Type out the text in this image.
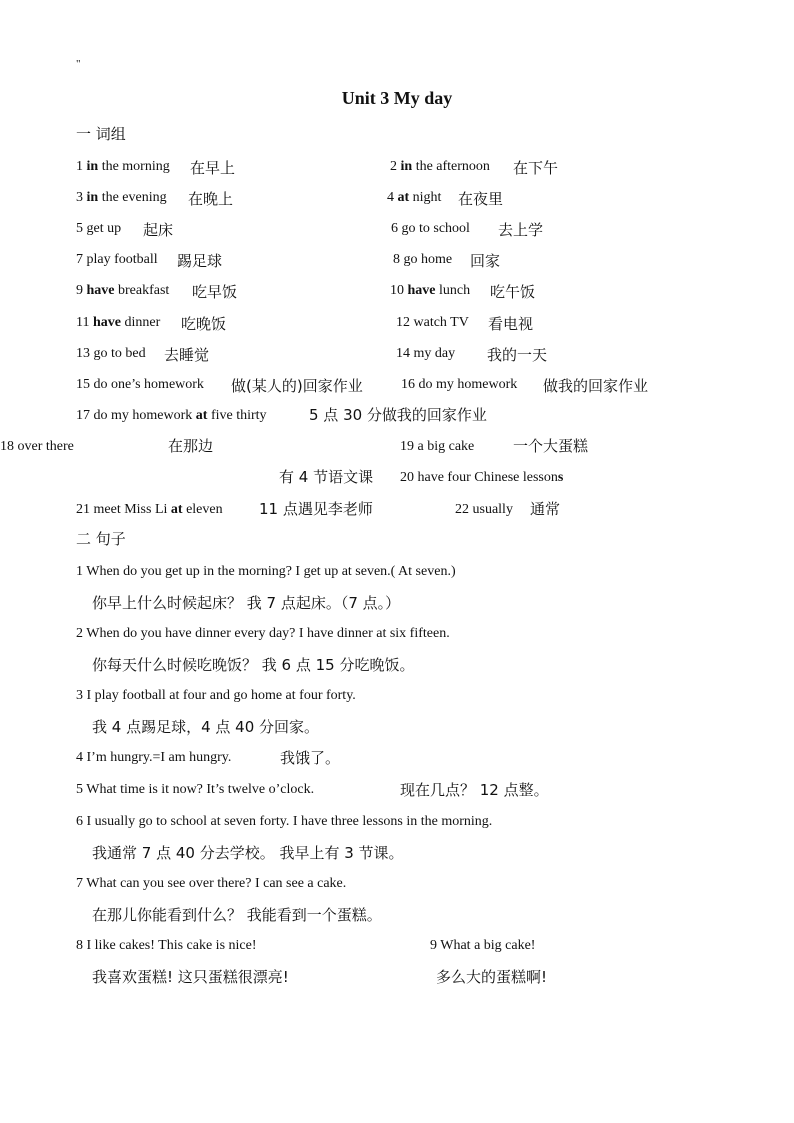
"
Unit 3 My day
一 词组
1 in the morning 在早上	2 in the afternoon 在下午
3 in the evening 在晚上	4 at night 在夜里
5 get up 起床	6 go to school 去上学
7 play football 踢足球	8 go home 回家
9 have breakfast 吃早饭	10 have lunch 吃午饭
11 have dinner 吃晚饭	12 watch TV 看电视
13 go to bed 去睡觉	14 my day 我的一天
15 do one’s homework 做(某人的)回家作业	16 do my homework 做我的回家作业
17 do my homework at five thirty	5 点 30 分做我的回家作业
18 over there	在那边	19 a big cake	一个大蛋糕
20 have four Chinese lessons
有 4 节语文课
21 meet Miss Li at eleven 11 点遇见李老师	22 usually 通常
二 句子
1 When do you get up in the morning? I get up at seven.( At seven.)
你早上什么时候起床？ 我 7 点起床。（7 点。）
2 When do you have dinner every day? I have dinner at six fifteen.
你每天什么时候吃晚饭？ 我 6 点 15 分吃晚饭。
3 I play football at four and go home at four forty.
我 4 点踢足球，4 点 40 分回家。
4 I’m hungry.=I am hungry.	我饿了。
5 What time is it now? It’s twelve o’clock.	现在几点？ 12 点整。
6 I usually go to school at seven forty. I have three lessons in the morning.
我通常 7 点 40 分去学校。 我早上有 3 节课。
7 What can you see over there? I can see a cake.
在那儿你能看到什么？ 我能看到一个蛋糕。
8 I like cakes! This cake is nice!
我喜欢蛋糕! 这只蛋糕很漂亮!
9 What a big cake!
多么大的蛋糕啊!
